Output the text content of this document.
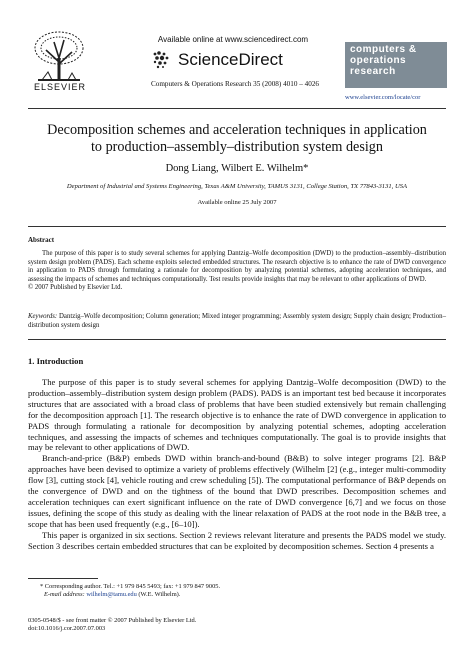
ELSEVIER
Available online at www.sciencedirect.com
ScienceDirect
Computers & Operations Research 35 (2008) 4010 – 4026
computers &
operations
research
www.elsevier.com/locate/cor
Decomposition schemes and acceleration techniques in application
to production–assembly–distribution system design
Dong Liang, Wilbert E. Wilhelm*
Department of Industrial and Systems Engineering, Texas A&M University, TAMUS 3131, College Station, TX 77843-3131, USA
Available online 25 July 2007
Abstract
The purpose of this paper is to study several schemes for applying Dantzig–Wolfe decomposition (DWD) to the production–assembly–distribution system design problem (PADS). Each scheme exploits selected embedded structures. The research objective is to enhance the rate of DWD convergence in application to PADS through formulating a rationale for decomposition by analyzing potential schemes, adopting acceleration techniques, and assessing the impacts of schemes and techniques computationally. Test results provide insights that may be relevant to other applications of DWD.
© 2007 Published by Elsevier Ltd.
Keywords: Dantzig–Wolfe decomposition; Column generation; Mixed integer programming; Assembly system design; Supply chain design; Production–distribution system design
1. Introduction

The purpose of this paper is to study several schemes for applying Dantzig–Wolfe decomposition (DWD) to the production–assembly–distribution system design problem (PADS). PADS is an important test bed because it incorporates structures that are associated with a broad class of problems that have been studied extensively but remain challenging for the decomposition approach [1]. The research objective is to enhance the rate of DWD convergence in application to PADS through formulating a rationale for decomposition by analyzing potential schemes, adopting acceleration techniques, and assessing the impacts of schemes and techniques computationally. The goal is to provide insights that may be relevant to other applications of DWD.

Branch-and-price (B&P) embeds DWD within branch-and-bound (B&B) to solve integer programs [2]. B&P approaches have been devised to optimize a variety of problems effectively (Wilhelm [2] (e.g., integer multi-commodity flow [3], cutting stock [4], vehicle routing and crew scheduling [5]). The computational performance of B&P depends on the convergence of DWD and on the tightness of the bound that DWD prescribes. Decomposition schemes and acceleration techniques can exert significant influence on the rate of DWD convergence [6,7] and we focus on those issues, defining the scope of this study as dealing with the linear relaxation of PADS at the root node in the B&B tree, a scope that has been used frequently (e.g., [6–10]).

This paper is organized in six sections. Section 2 reviews relevant literature and presents the PADS model we study. Section 3 describes certain embedded structures that can be exploited by decomposition schemes. Section 4 presents a

* Corresponding author. Tel.: +1 979 845 5493; fax: +1 979 847 9005.
E-mail address: wilhelm@tamu.edu (W.E. Wilhelm).
0305-0548/$ - see front matter © 2007 Published by Elsevier Ltd.
doi:10.1016/j.cor.2007.07.003
